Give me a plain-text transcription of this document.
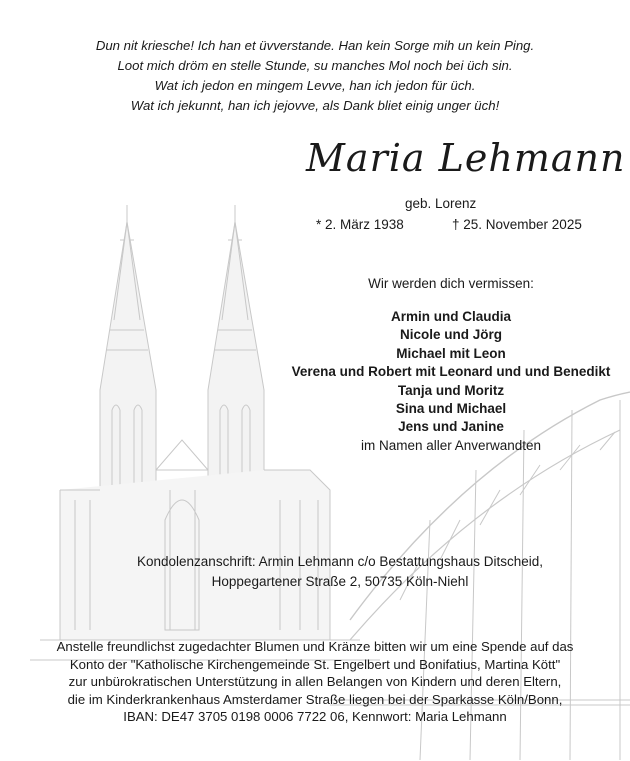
Dun nit kriesche! Ich han et üvverstande. Han kein Sorge mih un kein Ping.
Loot mich dröm en stelle Stunde, su manches Mol noch bei üch sin.
Wat ich jedon en mingem Levve, han ich jedon für üch.
Wat ich jekunnt, han ich jejovve, als Dank bliet einig unger üch!
Maria Lehmann
geb. Lorenz
* 2. März 1938	† 25. November 2025
Wir werden dich vermissen:
Armin und Claudia
Nicole und Jörg
Michael mit Leon
Verena und Robert mit Leonard und und Benedikt
Tanja und Moritz
Sina und Michael
Jens und Janine
im Namen aller Anverwandten
Kondolenzanschrift: Armin Lehmann c/o Bestattungshaus Ditscheid,
Hoppegartener Straße 2, 50735 Köln-Niehl
Anstelle freundlichst zugedachter Blumen und Kränze bitten wir um eine Spende auf das
Konto der "Katholische Kirchengemeinde St. Engelbert und Bonifatius, Martina Kött"
zur unbürokratischen Unterstützung in allen Belangen von Kindern und deren Eltern,
die im Kinderkrankenhaus Amsterdamer Straße liegen bei der Sparkasse Köln/Bonn,
IBAN: DE47 3705 0198 0006 7722 06, Kennwort: Maria Lehmann
